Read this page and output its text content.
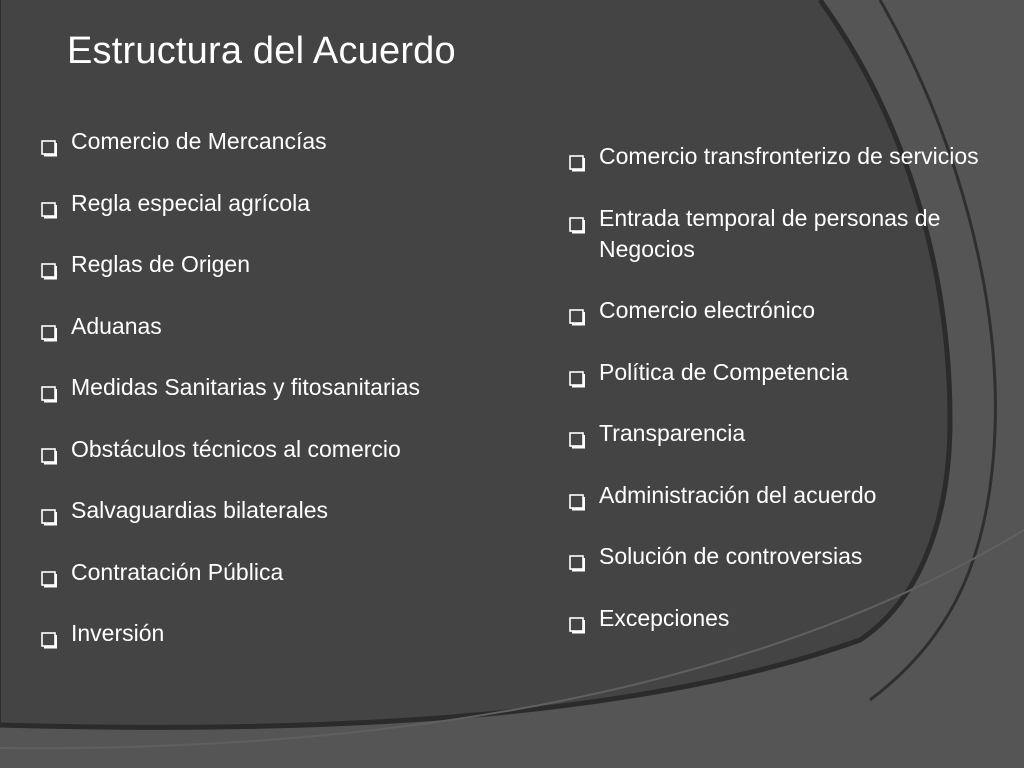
Estructura del Acuerdo
Comercio de Mercancías
Regla especial agrícola
Reglas de Origen
Aduanas
Medidas Sanitarias y fitosanitarias
Obstáculos técnicos al comercio
Salvaguardias bilaterales
Contratación Pública
Inversión
Comercio transfronterizo de servicios
Entrada temporal de personas de Negocios
Comercio electrónico
Política de Competencia
Transparencia
Administración del acuerdo
Solución de controversias
Excepciones
